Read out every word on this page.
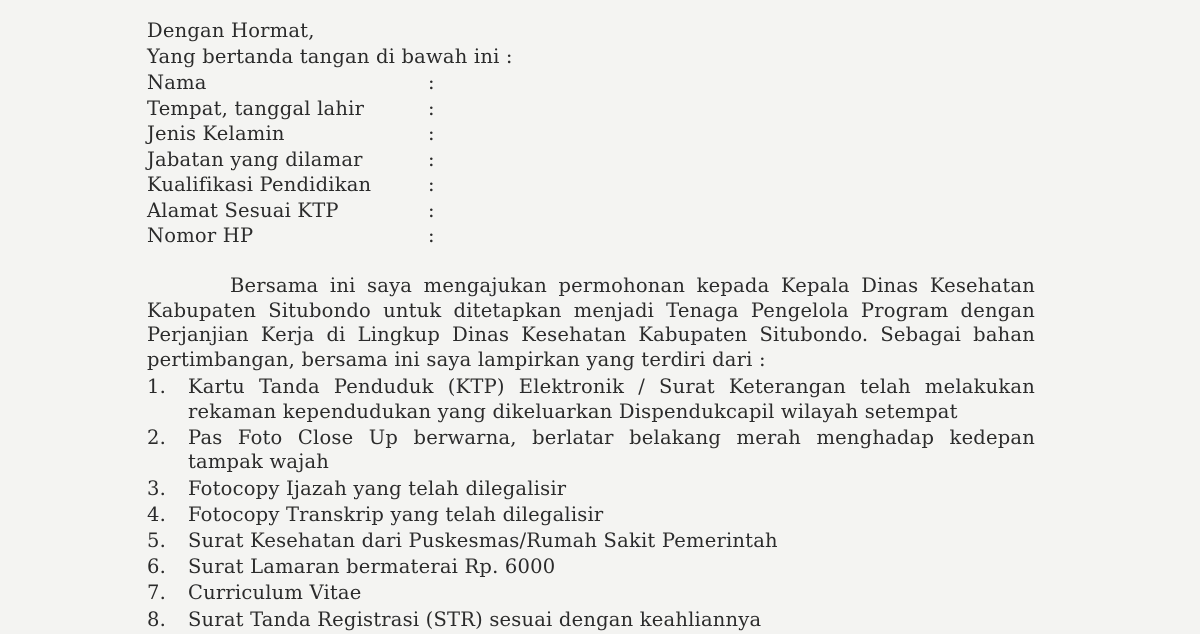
Dengan Hormat,
Yang bertanda tangan di bawah ini :
Nama	:
Tempat, tanggal lahir	:
Jenis Kelamin	:
Jabatan yang dilamar	:
Kualifikasi Pendidikan	:
Alamat Sesuai KTP	:
Nomor HP	:
Bersama ini saya mengajukan permohonan kepada Kepala Dinas Kesehatan Kabupaten Situbondo untuk ditetapkan menjadi Tenaga Pengelola Program dengan Perjanjian Kerja di Lingkup Dinas Kesehatan Kabupaten Situbondo. Sebagai bahan pertimbangan, bersama ini saya lampirkan yang terdiri dari :
1.	Kartu Tanda Penduduk (KTP) Elektronik / Surat Keterangan telah melakukan rekaman kependudukan yang dikeluarkan Dispendukcapil wilayah setempat
2.	Pas Foto Close Up berwarna, berlatar belakang merah menghadap kedepan tampak wajah
3.	Fotocopy Ijazah yang telah dilegalisir
4.	Fotocopy Transkrip yang telah dilegalisir
5.	Surat Kesehatan dari Puskesmas/Rumah Sakit Pemerintah
6.	Surat Lamaran bermaterai Rp. 6000
7.	Curriculum Vitae
8.	Surat Tanda Registrasi (STR) sesuai dengan keahliannya
